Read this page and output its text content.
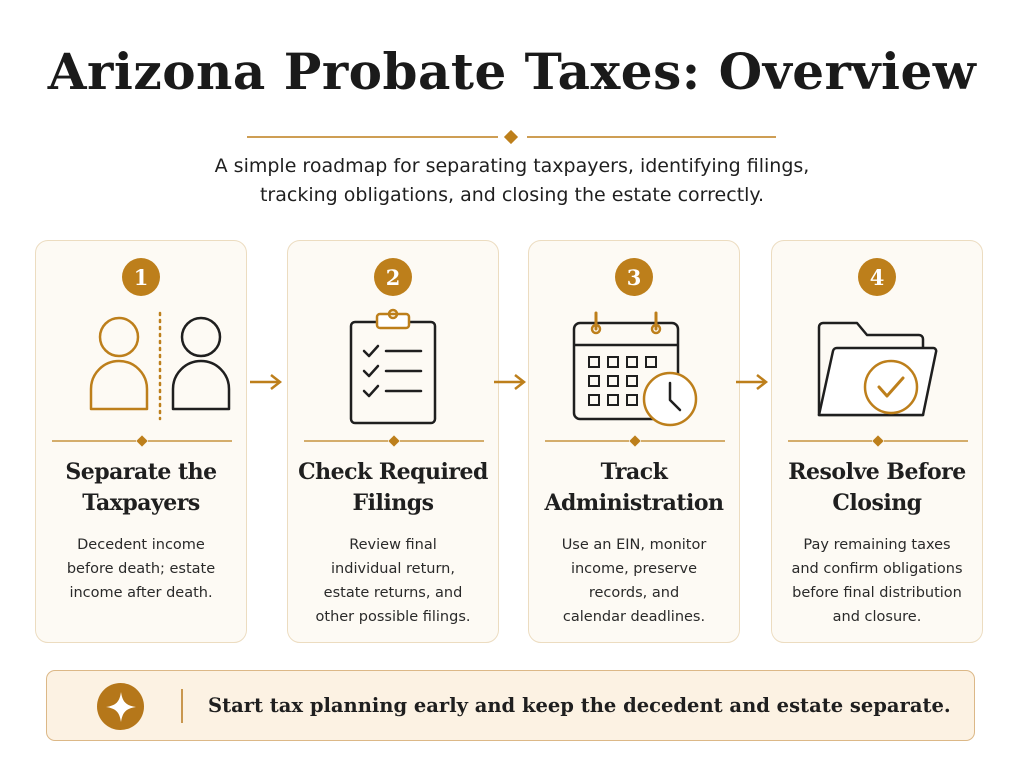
Arizona Probate Taxes: Overview
A simple roadmap for separating taxpayers, identifying filings,
tracking obligations, and closing the estate correctly.
1
Separate the
Taxpayers
Decedent income
before death; estate
income after death.
2
Check Required
Filings
Review final
individual return,
estate returns, and
other possible filings.
3
Track
Administration
Use an EIN, monitor
income, preserve
records, and
calendar deadlines.
4
Resolve Before
Closing
Pay remaining taxes
and confirm obligations
before final distribution
and closure.
Start tax planning early and keep the decedent and estate separate.
